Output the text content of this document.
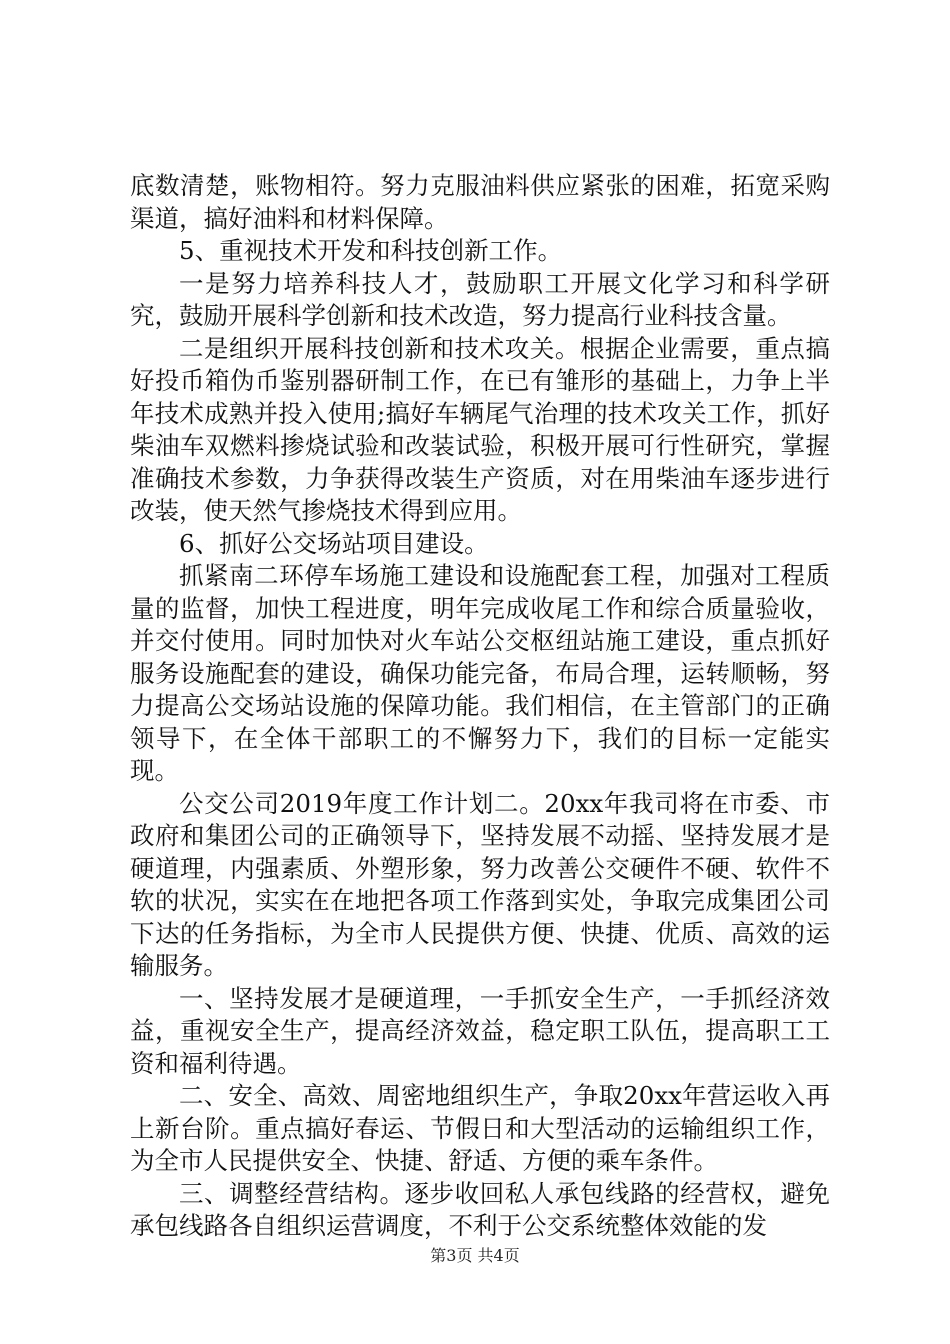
底数清楚，账物相符。努力克服油料供应紧张的困难，拓宽采购渠道，搞好油料和材料保障。

5、重视技术开发和科技创新工作。

一是努力培养科技人才，鼓励职工开展文化学习和科学研究，鼓励开展科学创新和技术改造，努力提高行业科技含量。

二是组织开展科技创新和技术攻关。根据企业需要，重点搞好投币箱伪币鉴别器研制工作，在已有雏形的基础上，力争上半年技术成熟并投入使用;搞好车辆尾气治理的技术攻关工作，抓好柴油车双燃料掺烧试验和改装试验，积极开展可行性研究，掌握准确技术参数，力争获得改装生产资质，对在用柴油车逐步进行改装，使天然气掺烧技术得到应用。

6、抓好公交场站项目建设。

抓紧南二环停车场施工建设和设施配套工程，加强对工程质量的监督，加快工程进度，明年完成收尾工作和综合质量验收，并交付使用。同时加快对火车站公交枢纽站施工建设，重点抓好服务设施配套的建设，确保功能完备，布局合理，运转顺畅，努力提高公交场站设施的保障功能。我们相信，在主管部门的正确领导下，在全体干部职工的不懈努力下，我们的目标一定能实现。

公交公司2019年度工作计划二。20xx年我司将在市委、市政府和集团公司的正确领导下，坚持发展不动摇、坚持发展才是硬道理，内强素质、外塑形象，努力改善公交硬件不硬、软件不软的状况，实实在在地把各项工作落到实处，争取完成集团公司下达的任务指标，为全市人民提供方便、快捷、优质、高效的运输服务。

一、坚持发展才是硬道理，一手抓安全生产，一手抓经济效益，重视安全生产，提高经济效益，稳定职工队伍，提高职工工资和福利待遇。

二、安全、高效、周密地组织生产，争取20xx年营运收入再上新台阶。重点搞好春运、节假日和大型活动的运输组织工作，为全市人民提供安全、快捷、舒适、方便的乘车条件。

三、调整经营结构。逐步收回私人承包线路的经营权，避免承包线路各自组织运营调度，不利于公交系统整体效能的发

第3页 共4页
